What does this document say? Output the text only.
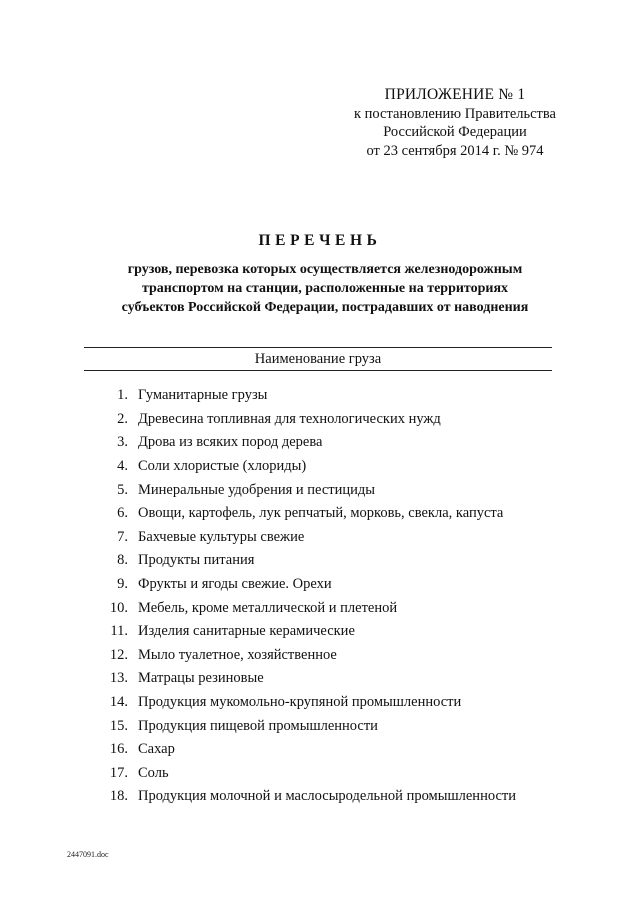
ПРИЛОЖЕНИЕ № 1
к постановлению Правительства
Российской Федерации
от 23 сентября 2014 г. № 974
ПЕРЕЧЕНЬ
грузов, перевозка которых осуществляется железнодорожным
транспортом на станции, расположенные на территориях
субъектов Российской Федерации, пострадавших от наводнения
Наименование груза
1. Гуманитарные грузы
2. Древесина топливная для технологических нужд
3. Дрова из всяких пород дерева
4. Соли хлористые (хлориды)
5. Минеральные удобрения и пестициды
6. Овощи, картофель, лук репчатый, морковь, свекла, капуста
7. Бахчевые культуры свежие
8. Продукты питания
9. Фрукты и ягоды свежие. Орехи
10. Мебель, кроме металлической и плетеной
11. Изделия санитарные керамические
12. Мыло туалетное, хозяйственное
13. Матрацы резиновые
14. Продукция мукомольно-крупяной промышленности
15. Продукция пищевой промышленности
16. Сахар
17. Соль
18. Продукция молочной и маслосыродельной промышленности
2447091.doc
